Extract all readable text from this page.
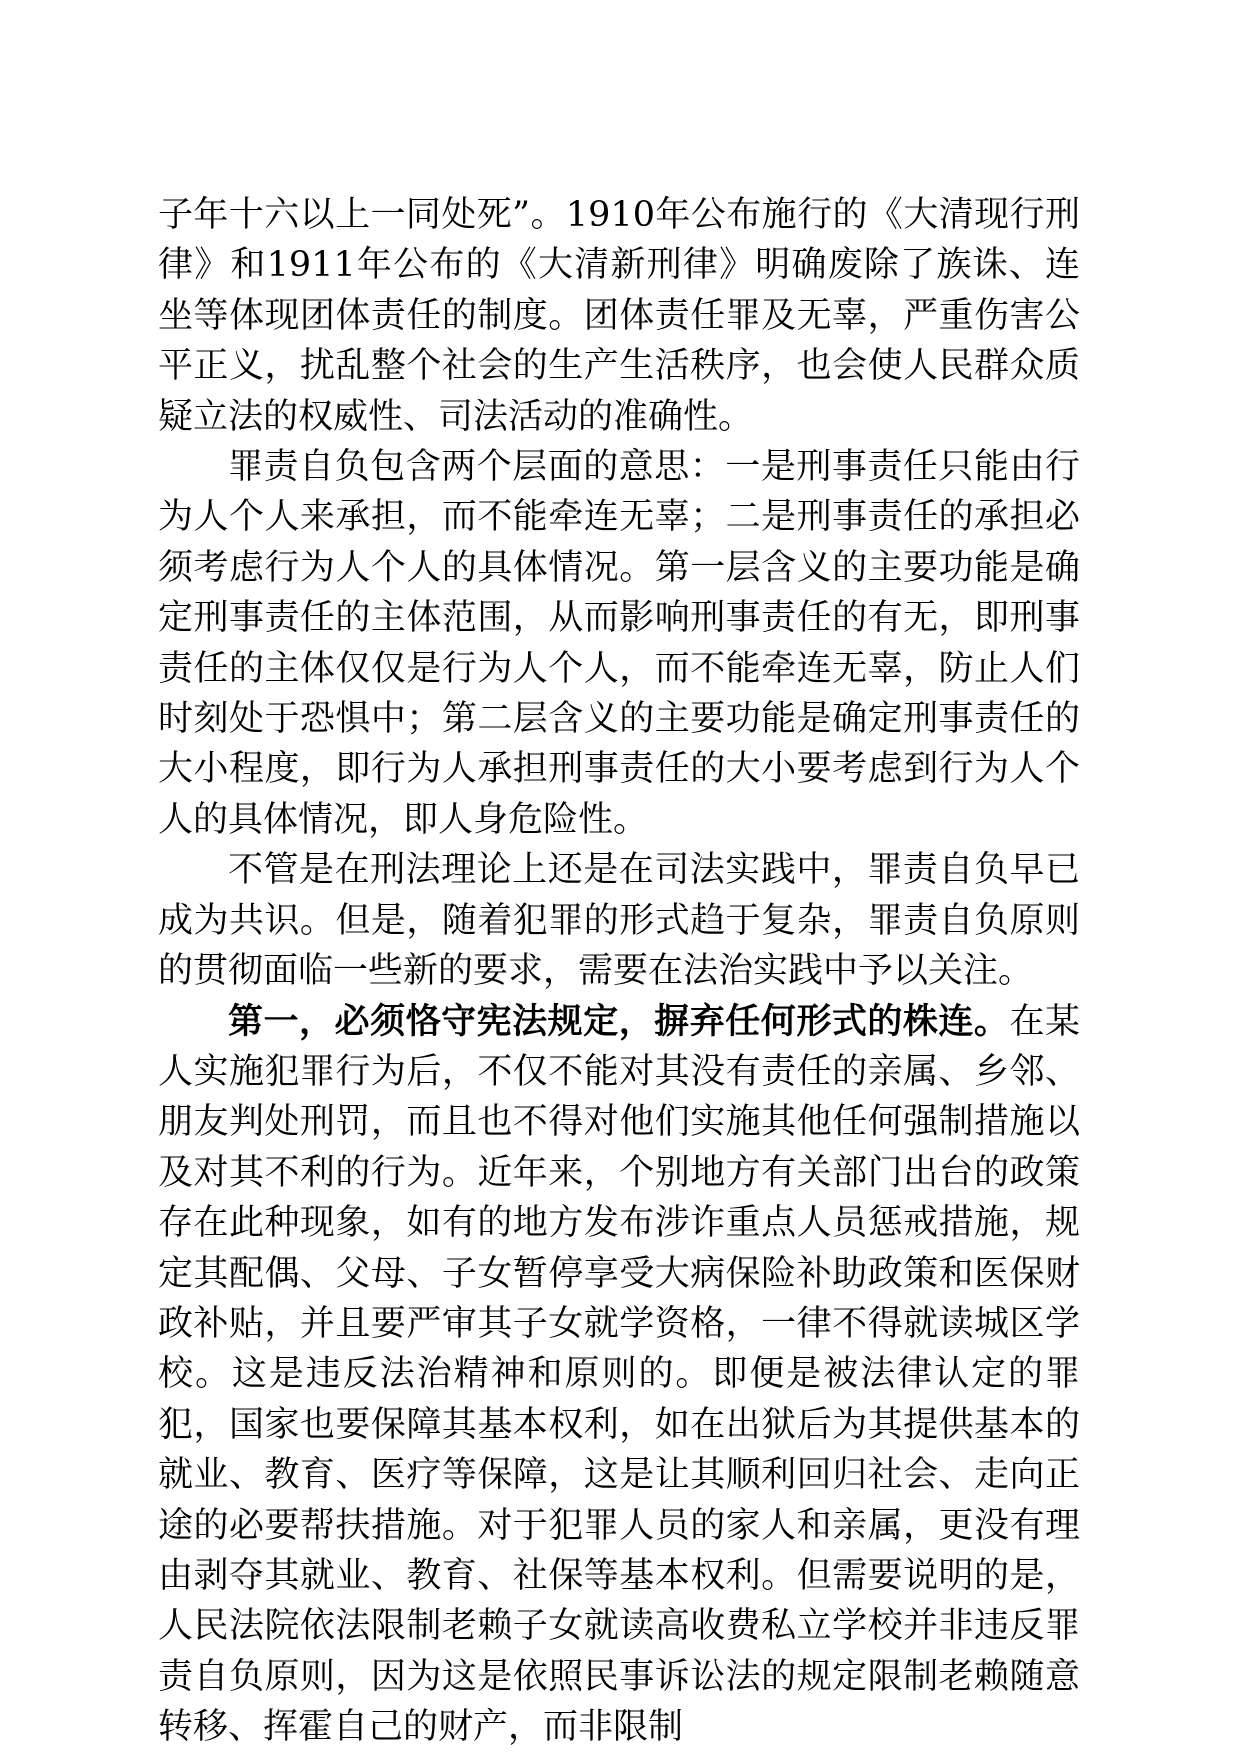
子年十六以上一同处死”。1910年公布施行的《大清现行刑律》和1911年公布的《大清新刑律》明确废除了族诛、连坐等体现团体责任的制度。团体责任罪及无辜，严重伤害公平正义，扰乱整个社会的生产生活秩序，也会使人民群众质疑立法的权威性、司法活动的准确性。

罪责自负包含两个层面的意思：一是刑事责任只能由行为人个人来承担，而不能牵连无辜；二是刑事责任的承担必须考虑行为人个人的具体情况。第一层含义的主要功能是确定刑事责任的主体范围，从而影响刑事责任的有无，即刑事责任的主体仅仅是行为人个人，而不能牵连无辜，防止人们时刻处于恐惧中；第二层含义的主要功能是确定刑事责任的大小程度，即行为人承担刑事责任的大小要考虑到行为人个人的具体情况，即人身危险性。

不管是在刑法理论上还是在司法实践中，罪责自负早已成为共识。但是，随着犯罪的形式趋于复杂，罪责自负原则的贯彻面临一些新的要求，需要在法治实践中予以关注。

第一，必须恪守宪法规定，摒弃任何形式的株连。在某人实施犯罪行为后，不仅不能对其没有责任的亲属、乡邻、朋友判处刑罚，而且也不得对他们实施其他任何强制措施以及对其不利的行为。近年来，个别地方有关部门出台的政策存在此种现象，如有的地方发布涉诈重点人员惩戒措施，规定其配偶、父母、子女暂停享受大病保险补助政策和医保财政补贴，并且要严审其子女就学资格，一律不得就读城区学校。这是违反法治精神和原则的。即便是被法律认定的罪犯，国家也要保障其基本权利，如在出狱后为其提供基本的就业、教育、医疗等保障，这是让其顺利回归社会、走向正途的必要帮扶措施。对于犯罪人员的家人和亲属，更没有理由剥夺其就业、教育、社保等基本权利。但需要说明的是，人民法院依法限制老赖子女就读高收费私立学校并非违反罪责自负原则，因为这是依照民事诉讼法的规定限制老赖随意转移、挥霍自己的财产，而非限制
